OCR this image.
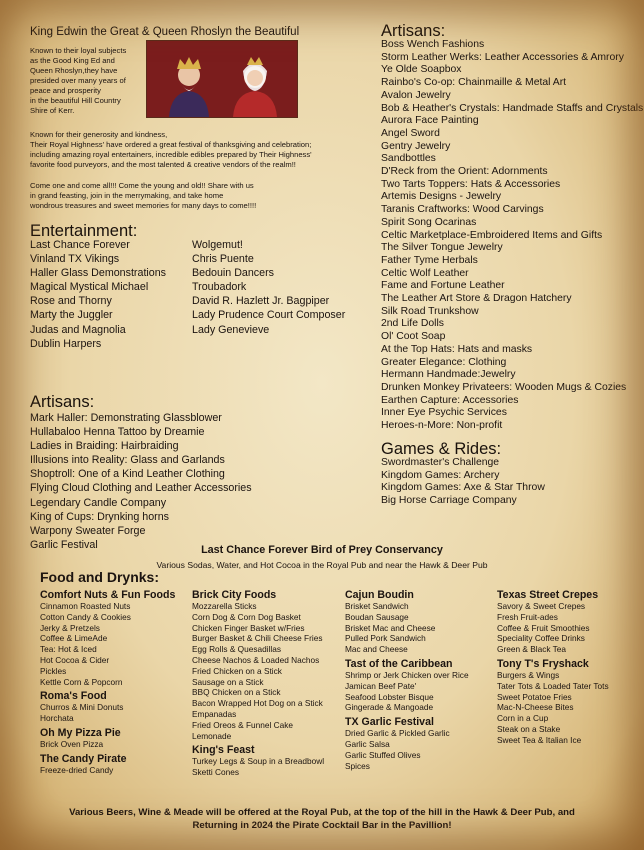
King Edwin the Great & Queen Rhoslyn the Beautiful
Known to their loyal subjects
as the Good King Ed and
Queen Rhoslyn,they have
presided over many years of
peace and prosperity
in the beautiful Hill Country
Shire of Kerr.
Known for their generosity and kindness,
Their Royal Highness' have ordered a great festival of thanksgiving and celebration;
including amazing royal entertainers, incredible edibles prepared by Their Highness'
favorite food purveyors, and the most talented & creative vendors of the realm!!
Come one and come all!!! Come the young and old!! Share with us
in grand feasting, join in the merrymaking, and take home
wondrous treasures and sweet memories for many days to come!!!!
Entertainment:
Last Chance Forever
Vinland TX Vikings
Haller Glass Demonstrations
Magical Mystical Michael
Rose and Thorny
Marty the Juggler
Judas and Magnolia
Dublin Harpers
Wolgemut!
Chris Puente
Bedouin Dancers
Troubadork
David R. Hazlett Jr. Bagpiper
Lady Prudence Court Composer
Lady Genevieve
Artisans:
Mark Haller: Demonstrating Glassblower
Hullabaloo Henna Tattoo by Dreamie
Ladies in Braiding: Hairbraiding
Illusions into Reality: Glass and Garlands
Shoptroll: One of a Kind Leather Clothing
Flying Cloud Clothing and Leather Accessories
Legendary Candle Company
King of Cups: Drynking horns
Warpony Sweater Forge
Garlic Festival
Artisans:
Boss Wench Fashions
Storm Leather Werks: Leather Accessories & Amrory
Ye Olde Soapbox
Rainbo's Co-op: Chainmaille & Metal Art
Avalon Jewelry
Bob & Heather's Crystals: Handmade Staffs and Crystals
Aurora Face Painting
Angel Sword
Gentry Jewelry
Sandbottles
D'Reck from the Orient: Adornments
Two Tarts Toppers: Hats & Accessories
Artemis Designs - Jewelry
Taranis Craftworks: Wood Carvings
Spirit Song Ocarinas
Celtic Marketplace-Embroidered Items and Gifts
The Silver Tongue Jewelry
Father Tyme Herbals
Celtic Wolf Leather
Fame and Fortune Leather
The Leather Art Store & Dragon Hatchery
Silk Road Trunkshow
2nd Life Dolls
Ol' Coot Soap
At the Top Hats: Hats and masks
Greater Elegance: Clothing
Hermann Handmade:Jewelry
Drunken Monkey Privateers: Wooden Mugs & Cozies
Earthen Capture: Accessories
Inner Eye Psychic Services
Heroes-n-More: Non-profit
Games & Rides:
Swordmaster's Challenge
Kingdom Games: Archery
Kingdom Games: Axe & Star Throw
Big Horse Carriage Company
Last Chance Forever Bird of Prey Conservancy
Various Sodas, Water, and Hot Cocoa in the Royal Pub and near the Hawk & Deer Pub
Food and Drynks:
Comfort Nuts & Fun Foods
Cinnamon Roasted Nuts
Cotton Candy & Cookies
Jerky & Pretzels
Coffee & LimeAde
Tea: Hot & Iced
Hot Cocoa & Cider
Pickles
Kettle Corn & Popcorn
Roma's Food
Churros & Mini Donuts
Horchata
Oh My Pizza Pie
Brick Oven Pizza
The Candy Pirate
Freeze-dried Candy
Brick City Foods
Mozzarella Sticks
Corn Dog & Corn Dog Basket
Chicken Finger Basket w/Fries
Burger Basket & Chili Cheese Fries
Egg Rolls & Quesadillas
Cheese Nachos & Loaded Nachos
Fried Chicken on a Stick
Sausage on a Stick
BBQ Chicken on a Stick
Bacon Wrapped Hot Dog on a Stick
Empanadas
Fried Oreos & Funnel Cake
Lemonade
King's Feast
Turkey Legs & Soup in a Breadbowl
Sketti Cones
Cajun Boudin
Brisket Sandwich
Boudan Sausage
Brisket Mac and Cheese
Pulled Pork Sandwich
Mac and Cheese
Tast of the Caribbean
Shrimp or Jerk Chicken over Rice
Jamican Beef Pate'
Seafood Lobster Bisque
Gingerade & Mangoade
TX Garlic Festival
Dried Garlic & Pickled Garlic
Garlic Salsa
Garlic Stuffed Olives
Spices
Texas Street Crepes
Savory & Sweet Crepes
Fresh Fruit-ades
Coffee & Fruit Smoothies
Speciality Coffee Drinks
Green & Black Tea
Tony T's Fryshack
Burgers & Wings
Tater Tots & Loaded Tater Tots
Sweet Potatoe Fries
Mac-N-Cheese Bites
Corn in a Cup
Steak on a Stake
Sweet Tea & Italian Ice
Various Beers, Wine & Meade will be offered at the Royal Pub, at the top of the hill in the Hawk & Deer Pub, and
Returning in 2024 the Pirate Cocktail Bar in the Pavillion!
